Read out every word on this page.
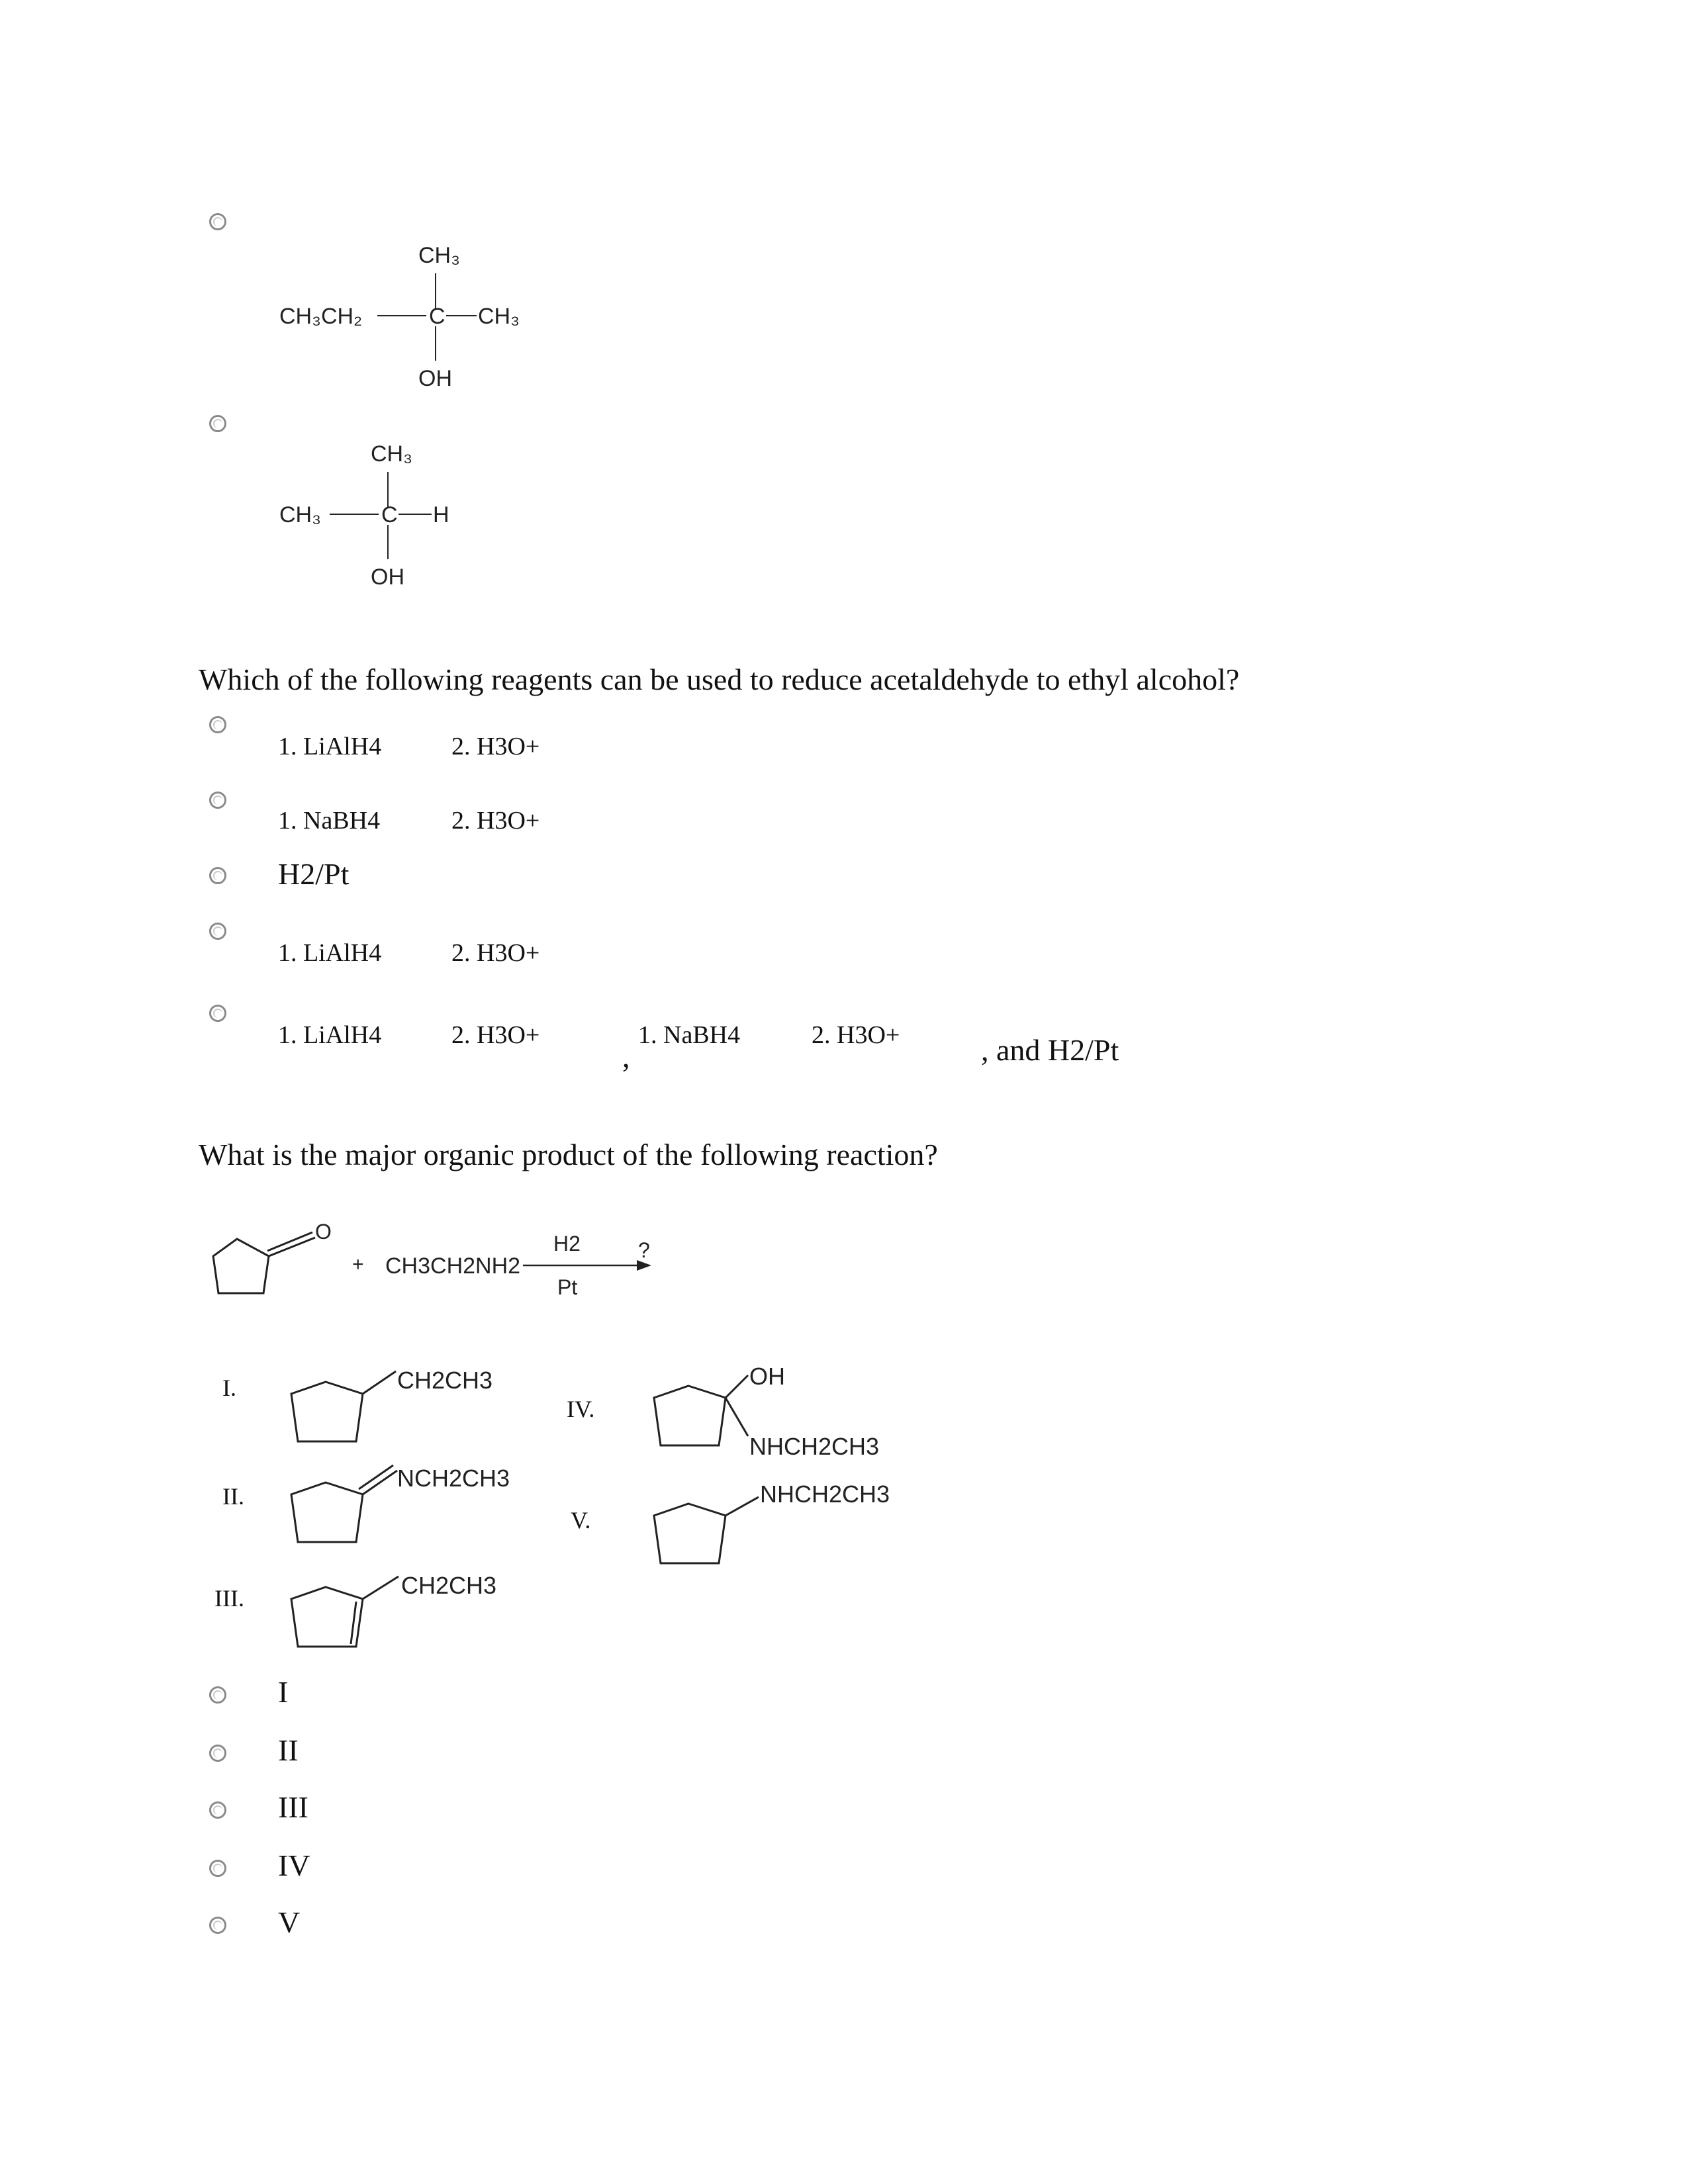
CH₃
CH₃CH₂	C CH₃
OH
CH₃
CH₃	C H
OH
Which of the following reagents can be used to reduce acetaldehyde to ethyl alcohol?
1. LiAlH4	2. H3O+
1. NaBH4	2. H3O+
H2/Pt
1. LiAlH4	2. H3O+
1. LiAlH4	2. H3O+
,
1. NaBH4	2. H3O+	, and H2/Pt
What is the major organic product of the following reaction?
O
+ CH3CH2NH2
H2
Pt
?
I.	CH2CH3
II.
NCH2CH3
III.	CH2CH3
IV.
OH
NHCH2CH3
V.
NHCH2CH3
I
II
III
IV
V
